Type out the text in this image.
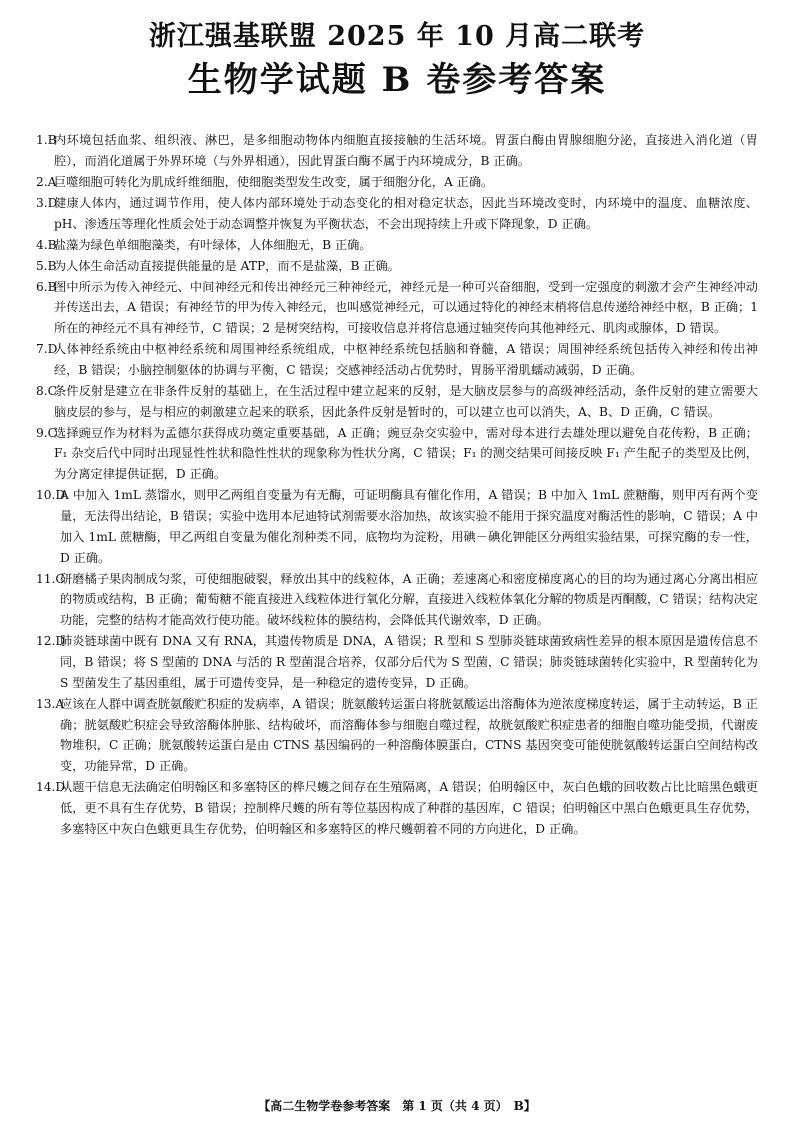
浙江强基联盟 2025 年 10 月高二联考
生物学试题 B 卷参考答案
1.B
内环境包括血浆、组织液、淋巴，是多细胞动物体内细胞直接接触的生活环境。胃蛋白酶由胃腺细胞分泌，直接进入消化道（胃腔），而消化道属于外界环境（与外界相通），因此胃蛋白酶不属于内环境成分，B 正确。
2.A
巨噬细胞可转化为肌成纤维细胞，使细胞类型发生改变，属于细胞分化，A 正确。
3.D
健康人体内，通过调节作用，使人体内部环境处于动态变化的相对稳定状态，因此当环境改变时，内环境中的温度、血糖浓度、pH、渗透压等理化性质会处于动态调整并恢复为平衡状态，不会出现持续上升或下降现象，D 正确。
4.B
盐藻为绿色单细胞藻类，有叶绿体，人体细胞无，B 正确。
5.B
为人体生命活动直接提供能量的是 ATP，而不是盐藻，B 正确。
6.B
图中所示为传入神经元、中间神经元和传出神经元三种神经元，神经元是一种可兴奋细胞，受到一定强度的刺激才会产生神经冲动并传送出去，A 错误；有神经节的甲为传入神经元，也叫感觉神经元，可以通过特化的神经末梢将信息传递给神经中枢，B 正确；1 所在的神经元不具有神经节，C 错误；2 是树突结构，可接收信息并将信息通过轴突传向其他神经元、肌肉或腺体，D 错误。
7.D
人体神经系统由中枢神经系统和周围神经系统组成，中枢神经系统包括脑和脊髓，A 错误；周围神经系统包括传入神经和传出神经，B 错误；小脑控制躯体的协调与平衡，C 错误；交感神经活动占优势时，胃肠平滑肌蠕动减弱，D 正确。
8.C
条件反射是建立在非条件反射的基础上，在生活过程中建立起来的反射，是大脑皮层参与的高级神经活动，条件反射的建立需要大脑皮层的参与，是与相应的刺激建立起来的联系，因此条件反射是暂时的，可以建立也可以消失，A、B、D 正确，C 错误。
9.C
选择豌豆作为材料为孟德尔获得成功奠定重要基础，A 正确；豌豆杂交实验中，需对母本进行去雄处理以避免自花传粉，B 正确；F₁ 杂交后代中同时出现显性性状和隐性性状的现象称为性状分离，C 错误；F₁ 的测交结果可间接反映 F₁ 产生配子的类型及比例，为分离定律提供证据，D 正确。
10.D
A 中加入 1mL 蒸馏水，则甲乙两组自变量为有无酶，可证明酶具有催化作用，A 错误；B 中加入 1mL 蔗糖酶，则甲丙有两个变量，无法得出结论，B 错误；实验中选用本尼迪特试剂需要水浴加热，故该实验不能用于探究温度对酶活性的影响，C 错误；A 中加入 1mL 蔗糖酶，甲乙两组自变量为催化剂种类不同，底物均为淀粉，用碘－碘化钾能区分两组实验结果，可探究酶的专一性，D 正确。
11.C
研磨橘子果肉制成匀浆，可使细胞破裂，释放出其中的线粒体，A 正确；差速离心和密度梯度离心的目的均为通过离心分离出相应的物质或结构，B 正确；葡萄糖不能直接进入线粒体进行氧化分解，直接进入线粒体氧化分解的物质是丙酮酸，C 错误；结构决定功能，完整的结构才能高效行使功能。破坏线粒体的膜结构，会降低其代谢效率，D 正确。
12.D
肺炎链球菌中既有 DNA 又有 RNA，其遗传物质是 DNA，A 错误；R 型和 S 型肺炎链球菌致病性差异的根本原因是遗传信息不同，B 错误；将 S 型菌的 DNA 与活的 R 型菌混合培养，仅部分后代为 S 型菌，C 错误；肺炎链球菌转化实验中，R 型菌转化为 S 型菌发生了基因重组，属于可遗传变异，是一种稳定的遗传变异，D 正确。
13.A
应该在人群中调查胱氨酸贮积症的发病率，A 错误；胱氨酸转运蛋白将胱氨酸运出溶酶体为逆浓度梯度转运，属于主动转运，B 正确；胱氨酸贮积症会导致溶酶体肿胀、结构破坏，而溶酶体参与细胞自噬过程，故胱氨酸贮积症患者的细胞自噬功能受损，代谢废物堆积，C 正确；胱氨酸转运蛋白是由 CTNS 基因编码的一种溶酶体膜蛋白，CTNS 基因突变可能使胱氨酸转运蛋白空间结构改变，功能异常，D 正确。
14.D
从题干信息无法确定伯明翰区和多塞特区的桦尺蠖之间存在生殖隔离，A 错误；伯明翰区中，灰白色蛾的回收数占比比暗黑色蛾更低，更不具有生存优势，B 错误；控制桦尺蠖的所有等位基因构成了种群的基因库，C 错误；伯明翰区中黑白色蛾更具生存优势，多塞特区中灰白色蛾更具生存优势，伯明翰区和多塞特区的桦尺蠖朝着不同的方向进化，D 正确。
【高二生物学卷参考答案　第 1 页（共 4 页）　B】
